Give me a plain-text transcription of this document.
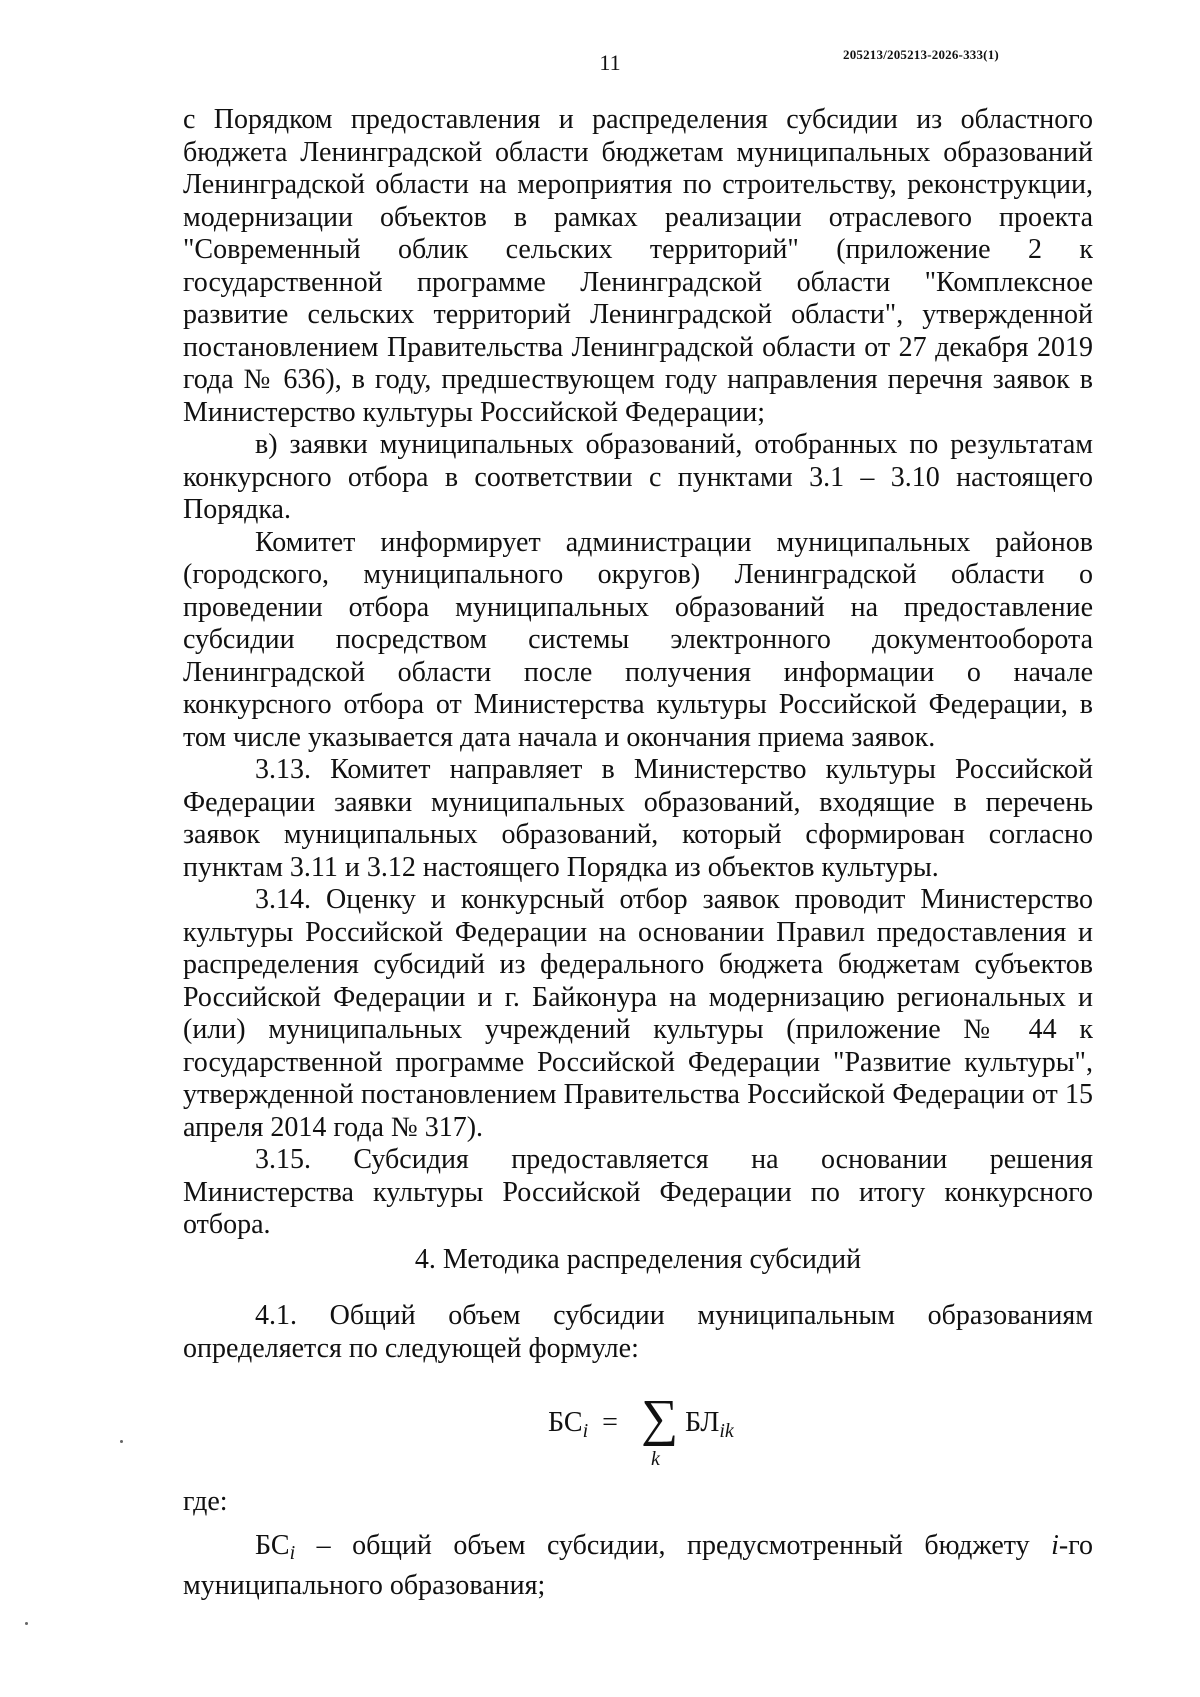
11	205213/205213-2026-333(1)

с Порядком предоставления и распределения субсидии из областного бюджета Ленинградской области бюджетам муниципальных образований Ленинградской области на мероприятия по строительству, реконструкции, модернизации объектов в рамках реализации отраслевого проекта "Современный облик сельских территорий" (приложение 2 к государственной программе Ленинградской области "Комплексное развитие сельских территорий Ленинградской области", утвержденной постановлением Правительства Ленинградской области от 27 декабря 2019 года № 636), в году, предшествующем году направления перечня заявок в Министерство культуры Российской Федерации;

в) заявки муниципальных образований, отобранных по результатам конкурсного отбора в соответствии с пунктами 3.1 – 3.10 настоящего Порядка.

Комитет информирует администрации муниципальных районов (городского, муниципального округов) Ленинградской области о проведении отбора муниципальных образований на предоставление субсидии посредством системы электронного документооборота Ленинградской области после получения информации о начале конкурсного отбора от Министерства культуры Российской Федерации, в том числе указывается дата начала и окончания приема заявок.

3.13. Комитет направляет в Министерство культуры Российской Федерации заявки муниципальных образований, входящие в перечень заявок муниципальных образований, который сформирован согласно пунктам 3.11 и 3.12 настоящего Порядка из объектов культуры.

3.14. Оценку и конкурсный отбор заявок проводит Министерство культуры Российской Федерации на основании Правил предоставления и распределения субсидий из федерального бюджета бюджетам субъектов Российской Федерации и г. Байконура на модернизацию региональных и (или) муниципальных учреждений культуры (приложение № 44 к государственной программе Российской Федерации "Развитие культуры", утвержденной постановлением Правительства Российской Федерации от 15 апреля 2014 года № 317).

3.15. Субсидия предоставляется на основании решения Министерства культуры Российской Федерации по итогу конкурсного отбора.

4. Методика распределения субсидий

4.1. Общий объем субсидии муниципальным образованиям определяется по следующей формуле:

$БС_i$ = ∑
k
$БЛ_{ik}$
где:

$БС_i$ – общий объем субсидии, предусмотренный бюджету i-го муниципального образования;
